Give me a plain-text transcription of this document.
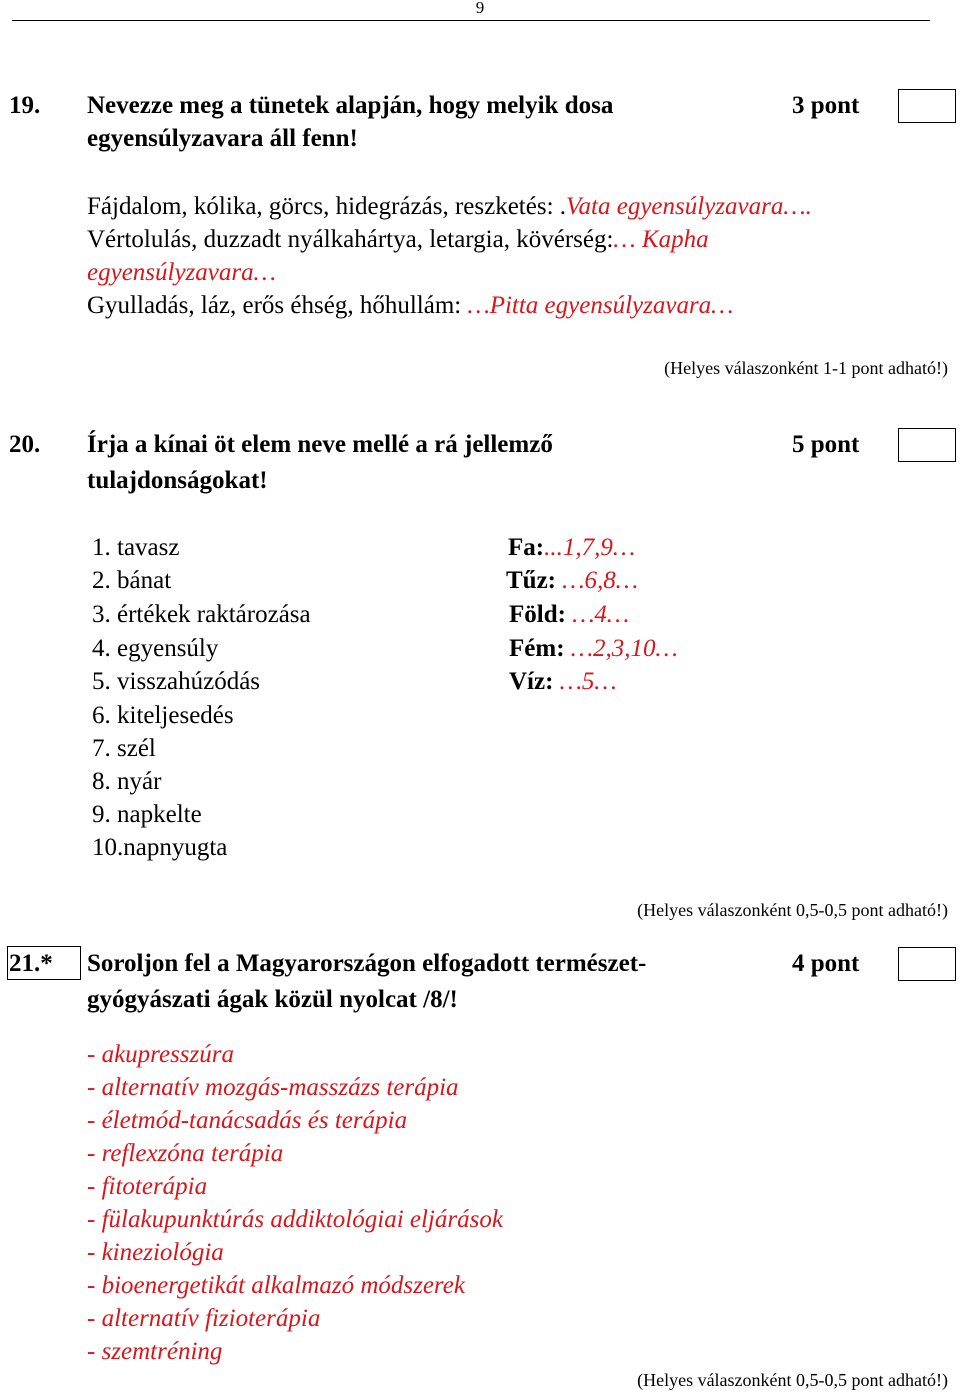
9
19. Nevezze meg a tünetek alapján, hogy melyik dosa
egyensúlyzavara áll fenn!
3 pont
Fájdalom, kólika, görcs, hidegrázás, reszketés: .Vata egyensúlyzavara….
Vértolulás, duzzadt nyálkahártya, letargia, kövérség:… Kapha
egyensúlyzavara…
Gyulladás, láz, erős éhség, hőhullám: …Pitta egyensúlyzavara…
(Helyes válaszonként 1-1 pont adható!)
20. Írja a kínai öt elem neve mellé a rá jellemző
tulajdonságokat!
5 pont
1. tavasz
2. bánat
3. értékek raktározása
4. egyensúly
5. visszahúzódás
6. kiteljesedés
7. szél
8. nyár
9. napkelte
10.napnyugta
Fa:...1,7,9…
Tűz: …6,8…
Föld: …4…
Fém: …2,3,10…
Víz: …5…
(Helyes válaszonként 0,5-0,5 pont adható!)
21.* Soroljon fel a Magyarországon elfogadott természet-
gyógyászati ágak közül nyolcat /8/!
4 pont
- akupresszúra
- alternatív mozgás-masszázs terápia
- életmód-tanácsadás és terápia
- reflexzóna terápia
- fitoterápia
- fülakupunktúrás addiktológiai eljárások
- kineziológia
- bioenergetikát alkalmazó módszerek
- alternatív fizioterápia
- szemtréning
(Helyes válaszonként 0,5-0,5 pont adható!)
